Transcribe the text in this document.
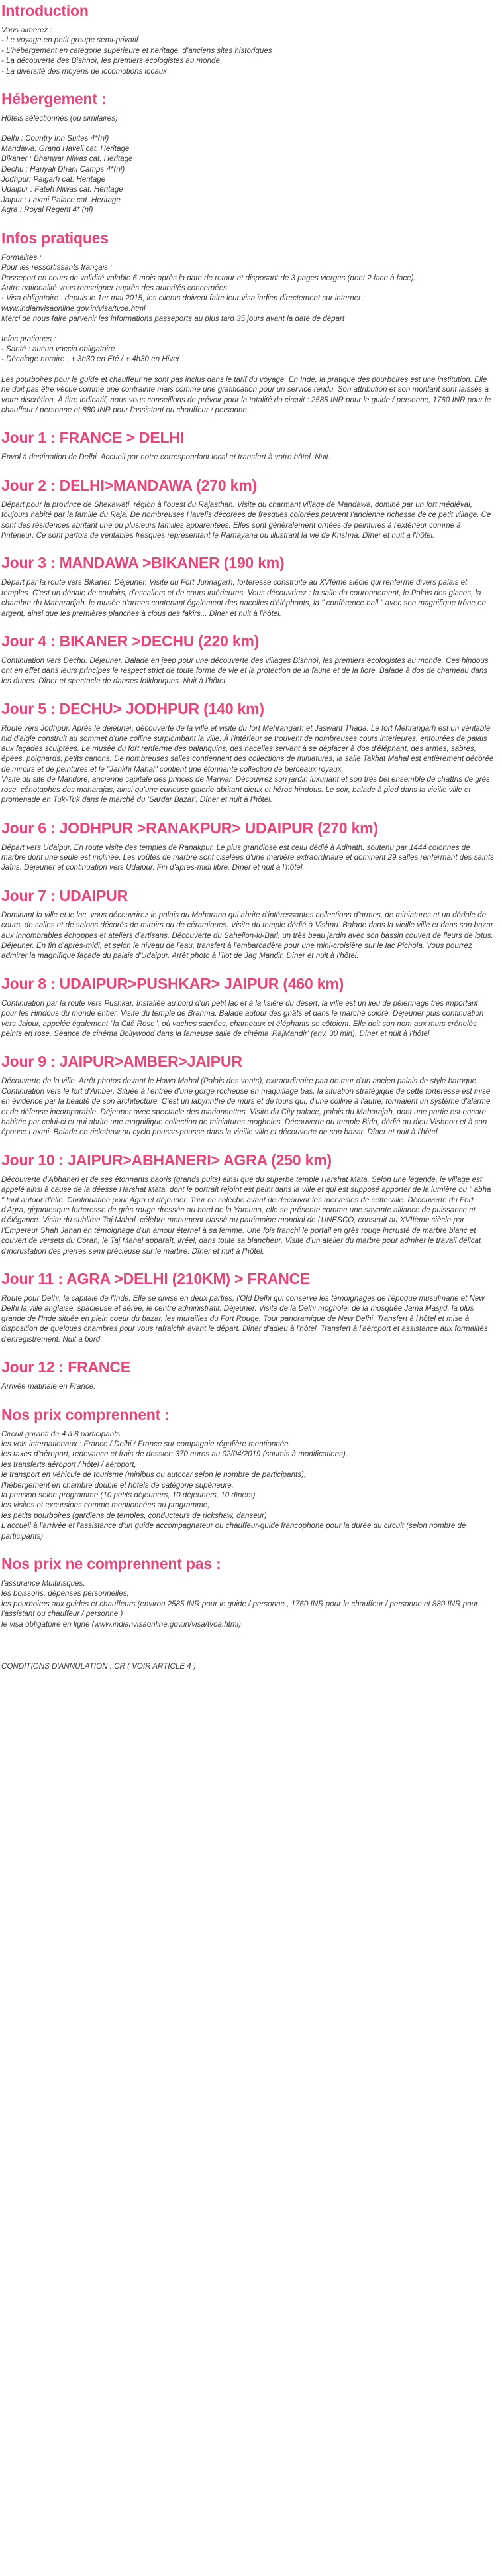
Introduction

Vous aimerez :
- Le voyage en petit groupe semi-privatif
- L'hébergement en catégorie supérieure et heritage, d'anciens sites historiques
- La découverte des Bishnoï, les premiers écologistes au monde
- La diversité des moyens de locomotions locaux

Hébergement :

Hôtels sélectionnés (ou similaires)

Delhi : Country Inn Suites 4*(nl)
Mandawa: Grand Haveli cat. Heritage
Bikaner : Bhanwar Niwas cat. Heritage
Dechu : Hariyali Dhani Camps 4*(nl)
Jodhpur: Palgarh cat. Heritage
Udaipur : Fateh Niwas cat. Heritage
Jaipur : Laxmi Palace cat. Heritage
Agra : Royal Regent 4* (nl)

Infos pratiques

Formalités :
Pour les ressortissants français :
Passeport en cours de validité valable 6 mois après la date de retour et disposant de 3 pages vierges (dont 2 face à face).
Autre nationalité vous renseigner auprès des autorités concernées.
- Visa obligatoire : depuis le 1er mai 2015, les clients doivent faire leur visa indien directement sur internet :
www.indianvisaonline.gov.in/visa/tvoa.html
Merci de nous faire parvenir les informations passeports au plus tard 35 jours avant la date de départ

Infos pratiques :
- Santé : aucun vaccin obligatoire
- Décalage horaire : + 3h30 en Eté / + 4h30 en Hiver

Les pourboires pour le guide et chauffeur ne sont pas inclus dans le tarif du voyage. En Inde, la pratique des pourboires est une institution. Elle ne doit pas être vécue comme une contrainte mais comme une gratification pour un service rendu. Son attribution et son montant sont laissés à votre discrétion. À titre indicatif, nous vous conseillons de prévoir pour la totalité du circuit : 2585 INR pour le guide / personne, 1760 INR pour le chauffeur / personne et 880 INR pour l'assistant ou chauffeur / personne.

Jour 1 : FRANCE > DELHI

Envol à destination de Delhi. Accueil par notre correspondant local et transfert à votre hôtel. Nuit.

Jour 2 : DELHI>MANDAWA (270 km)

Départ pour la province de Shekawati, région à l'ouest du Rajasthan. Visite du charmant village de Mandawa, dominé par un fort médiéval, toujours habité par la famille du Raja. De nombreuses Havelis décorées de fresques colorées peuvent l'ancienne richesse de ce petit village. Ce sont des résidences abritant une ou plusieurs familles apparentées. Elles sont généralement ornées de peintures à l'extérieur comme à l'intérieur. Ce sont parfois de véritables fresques représentant le Ramayana ou illustrant la vie de Krishna. Dîner et nuit à l'hôtel.

Jour 3 : MANDAWA >BIKANER (190 km)

Départ par la route vers Bikaner. Déjeuner. Visite du Fort Junnagarh, forteresse construite au XVIème siècle qui renferme divers palais et temples. C'est un dédale de couloirs, d'escaliers et de cours intérieures. Vous découvrirez : la salle du couronnement, le Palais des glaces, la chambre du Maharadjah, le musée d'armes contenant également des nacelles d'éléphants, la " conférence hall " avec son magnifique trône en argent, ainsi que les premières planches à clous des fakirs... Dîner et nuit à l'hôtel.

Jour 4 : BIKANER >DECHU (220 km)

Continuation vers Dechu. Déjeuner. Balade en jeep pour une découverte des villages Bishnoï, les premiers écologistes au monde. Ces hindous ont en effet dans leurs principes le respect strict de toute forme de vie et la protection de la faune et de la flore. Balade à dos de chameau dans les dunes. Dîner et spectacle de danses folkloriques. Nuit à l'hôtel.

Jour 5 : DECHU> JODHPUR (140 km)

Route vers Jodhpur. Après le déjeuner, découverte de la ville et visite du fort Mehrangarh et Jaswant Thada. Le fort Mehrangarh est un véritable nid d'aigle construit au sommet d'une colline surplombant la ville. À l'intérieur se trouvent de nombreuses cours intérieures, entourées de palais aux façades sculptées. Le musée du fort renferme des palanquins, des nacelles servant à se déplacer à dos d'éléphant, des armes, sabres, épées, poignards, petits canons. De nombreuses salles contiennent des collections de miniatures, la salle Takhat Mahal est entièrement décorée de miroirs et de peintures et le "Jankhi Mahal" contient une étonnante collection de berceaux royaux.
Visite du site de Mandore, ancienne capitale des princes de Marwar. Découvrez son jardin luxuriant et son très bel ensemble de chattris de grès rose, cénotaphes des maharajas, ainsi qu'une curieuse galerie abritant dieux et héros hindous. Le soir, balade à pied dans la vieille ville et promenade en Tuk-Tuk dans le marché du 'Sardar Bazar'. Dîner et nuit à l'hôtel.

Jour 6 : JODHPUR >RANAKPUR> UDAIPUR (270 km)

Départ vers Udaipur. En route visite des temples de Ranakpur. Le plus grandiose est celui dédié à Adinath, soutenu par 1444 colonnes de marbre dont une seule est inclinée. Les voûtes de marbre sont ciselées d'une manière extraordinaire et dominent 29 salles renfermant des saints Jaïns. Déjeuner et continuation vers Udaipur. Fin d'après-midi libre. Dîner et nuit à l'hôtel.

Jour 7 : UDAIPUR

Dominant la ville et le lac, vous découvrirez le palais du Maharana qui abrite d'intéressantes collections d'armes, de miniatures et un dédale de cours, de salles et de salons décorés de miroirs ou de céramiques. Visite du temple dédié à Vishnu. Balade dans la vieille ville et dans son bazar aux innombrables échoppes et ateliers d'artisans. Découverte du Sahelion-ki-Bari, un très beau jardin avec son bassin couvert de fleurs de lotus. Déjeuner. En fin d'après-midi, et selon le niveau de l'eau, transfert à l'embarcadère pour une mini-croisière sur le lac Pichola. Vous pourrez admirer la magnifique façade du palais d'Udaipur. Arrêt photo à l'îlot de Jag Mandir. Dîner et nuit à l'hôtel.

Jour 8 : UDAIPUR>PUSHKAR> JAIPUR (460 km)

Continuation par la route vers Pushkar. Installée au bord d'un petit lac et à la lisière du désert, la ville est un lieu de pèlerinage très important pour les Hindous du monde entier. Visite du temple de Brahma. Balade autour des ghâts et dans le marché coloré. Déjeuner puis continuation vers Jaipur, appelée également "la Cité Rose", où vaches sacrées, chameaux et éléphants se côtoient. Elle doit son nom aux murs crénelés peints en rose. Séance de cinéma Bollywood dans la fameuse salle de cinéma 'RajMandir' (env. 30 min). Dîner et nuit à l'hôtel.

Jour 9 : JAIPUR>AMBER>JAIPUR

Découverte de la ville. Arrêt photos devant le Hawa Mahal (Palais des vents), extraordinaire pan de mur d'un ancien palais de style baroque. Continuation vers le fort d'Amber. Située à l'entrée d'une gorge rocheuse en maquillage bas, la situation stratégique de cette forteresse est mise en évidence par la beauté de son architecture. C'est un labyrinthe de murs et de tours qui, d'une colline à l'autre, formaient un système d'alarme et de défense incomparable. Déjeuner avec spectacle des marionnettes. Visite du City palace, palais du Maharajah, dont une partie est encore habitée par celui-ci et qui abrite une magnifique collection de miniatures mogholes. Découverte du temple Birla, dédié au dieu Vishnou et à son épouse Laxmi. Balade en rickshaw ou cyclo pousse-pousse dans la vieille ville et découverte de son bazar. Dîner et nuit à l'hôtel.

Jour 10 : JAIPUR>ABHANERI> AGRA (250 km)

Découverte d'Abhaneri et de ses étonnants baoris (grands puits) ainsi que du superbe temple Harshat Mata. Selon une légende, le village est appelé ainsi à cause de la déesse Harshat Mata, dont le portrait rejoint est peint dans la ville et qui est supposé apporter de la lumière ou " abha " tout autour d'elle. Continuation pour Agra et déjeuner. Tour en calèche avant de découvrir les merveilles de cette ville. Découverte du Fort d'Agra, gigantesque forteresse de grès rouge dressée au bord de la Yamuna, elle se présente comme une savante alliance de puissance et d'élégance. Visite du sublime Taj Mahal, célèbre monument classé au patrimoine mondial de l'UNESCO, construit au XVIIème siècle par l'Empereur Shah Jahan en témoignage d'un amour éternel à sa femme. Une fois franchi le portail en grès rouge incrusté de marbre blanc et couvert de versets du Coran, le Taj Mahal apparaît, irréel, dans toute sa blancheur. Visite d'un atelier du marbre pour admirer le travail délicat d'incrustation des pierres semi précieuse sur le marbre. Dîner et nuit à l'hôtel.

Jour 11 : AGRA >DELHI (210KM) > FRANCE

Route pour Delhi, la capitale de l'Inde. Elle se divise en deux parties, l'Old Delhi qui conserve les témoignages de l'époque musulmane et New Delhi la ville anglaise, spacieuse et aérée, le centre administratif. Déjeuner. Visite de la Delhi moghole, de la mosquée Jama Masjid, la plus grande de l'Inde située en plein coeur du bazar, les murailles du Fort Rouge. Tour panoramique de New Delhi. Transfert à l'hôtel et mise à disposition de quelques chambres pour vous rafraichir avant le départ. Dîner d'adieu à l'hôtel. Transfert à l'aéroport et assistance aux formalités d'enregistrement. Nuit à bord

Jour 12 : FRANCE

Arrivée matinale en France.

Nos prix comprennent :

Circuit garanti de 4 à 8 participants
les vols internationaux : France / Delhi / France sur compagnie régulière mentionnée
les taxes d'aéroport, redevance et frais de dossier: 370 euros au 02/04/2019 (soumis à modifications),
les transferts aéroport / hôtel / aéroport,
le transport en véhicule de tourisme (minibus ou autocar selon le nombre de participants),
l'hébergement en chambre double et hôtels de catégorie supérieure,
la pension selon programme (10 petits déjeuners, 10 déjeuners, 10 dîners)
les visites et excursions comme mentionnées au programme,
les petits pourboires (gardiens de temples, conducteurs de rickshaw, danseur)
L'accueil à l'arrivée et l'assistance d'un guide accompagnateur ou chauffeur-guide francophone pour la durée du circuit (selon nombre de participants)

Nos prix ne comprennent pas :

l'assurance Multirisques,
les boissons, dépenses personnelles,
les pourboires aux guides et chauffeurs (environ 2585 INR pour le guide / personne , 1760 INR pour le chauffeur / personne et 880 INR pour l'assistant ou chauffeur / personne )
le visa obligatoire en ligne (www.indianvisaonline.gov.in/visa/tvoa.html)

CONDITIONS D'ANNULATION : CR ( VOIR ARTICLE 4 )
